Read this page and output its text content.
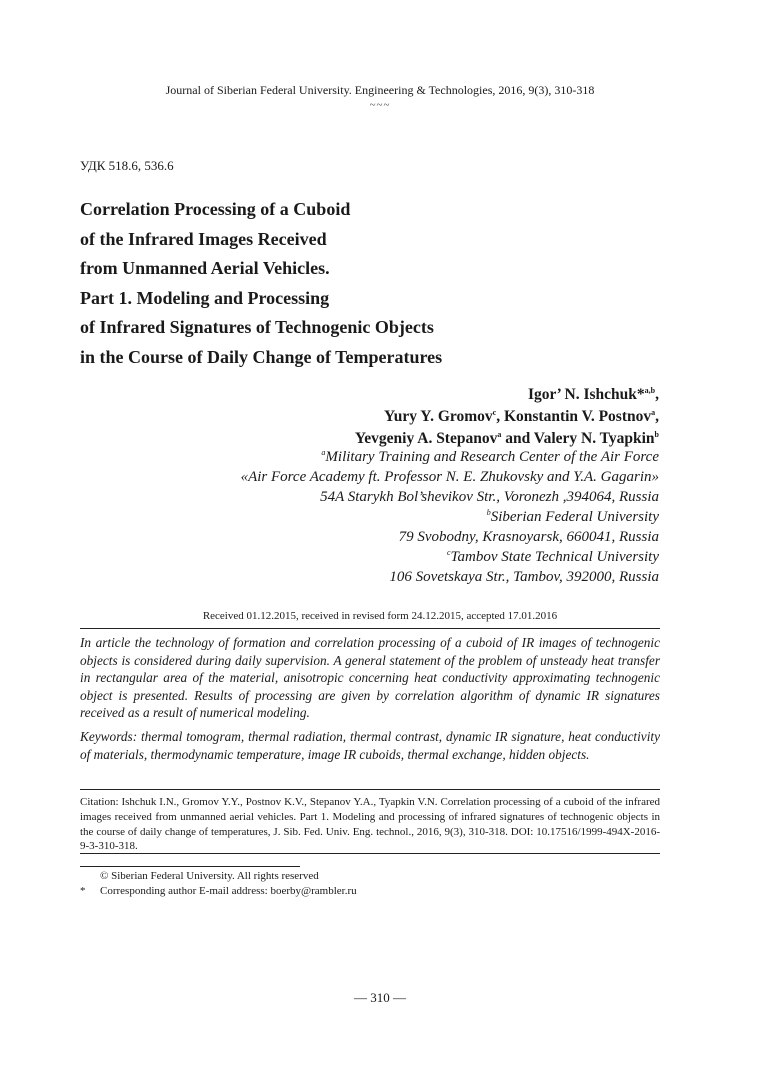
Journal of Siberian Federal University. Engineering & Technologies, 2016, 9(3), 310-318
~~~
УДК 518.6, 536.6
Correlation Processing of a Cuboid
of the Infrared Images Received
from Unmanned Aerial Vehicles.
Part 1. Modeling and Processing
of Infrared Signatures of Technogenic Objects
in the Course of Daily Change of Temperatures
Igor’ N. Ishchuk*$^{a,b}$,
Yury Y. Gromov$^c$, Konstantin V. Postnov$^a$,
Yevgeniy A. Stepanov$^a$ and Valery N. Tyapkin$^b$
$^a$Military Training and Research Center of the Air Force
«Air Force Academy ft. Professor N. E. Zhukovsky and Y.A. Gagarin»
54A Starykh Bol’shevikov Str., Voronezh ,394064, Russia
$^b$Siberian Federal University
79 Svobodny, Krasnoyarsk, 660041, Russia
$^c$Tambov State Technical University
106 Sovetskaya Str., Tambov, 392000, Russia
Received 01.12.2015, received in revised form 24.12.2015, accepted 17.01.2016
In article the technology of formation and correlation processing of a cuboid of IR images of technogenic objects is considered during daily supervision. A general statement of the problem of unsteady heat transfer in rectangular area of the material, anisotropic concerning heat conductivity approximating technogenic object is presented. Results of processing are given by correlation algorithm of dynamic IR signatures received as a result of numerical modeling.
Keywords: thermal tomogram, thermal radiation, thermal contrast, dynamic IR signature, heat conductivity of materials, thermodynamic temperature, image IR cuboids, thermal exchange, hidden objects.
Citation: Ishchuk I.N., Gromov Y.Y., Postnov K.V., Stepanov Y.A., Tyapkin V.N. Correlation processing of a cuboid of the infrared images received from unmanned aerial vehicles. Part 1. Modeling and processing of infrared signatures of technogenic objects in the course of daily change of temperatures, J. Sib. Fed. Univ. Eng. technol., 2016, 9(3), 310-318. DOI: 10.17516/1999-494X-2016-9-3-310-318.
© Siberian Federal University. All rights reserved
*	Corresponding author E-mail address: boerby@rambler.ru
— 310 —
